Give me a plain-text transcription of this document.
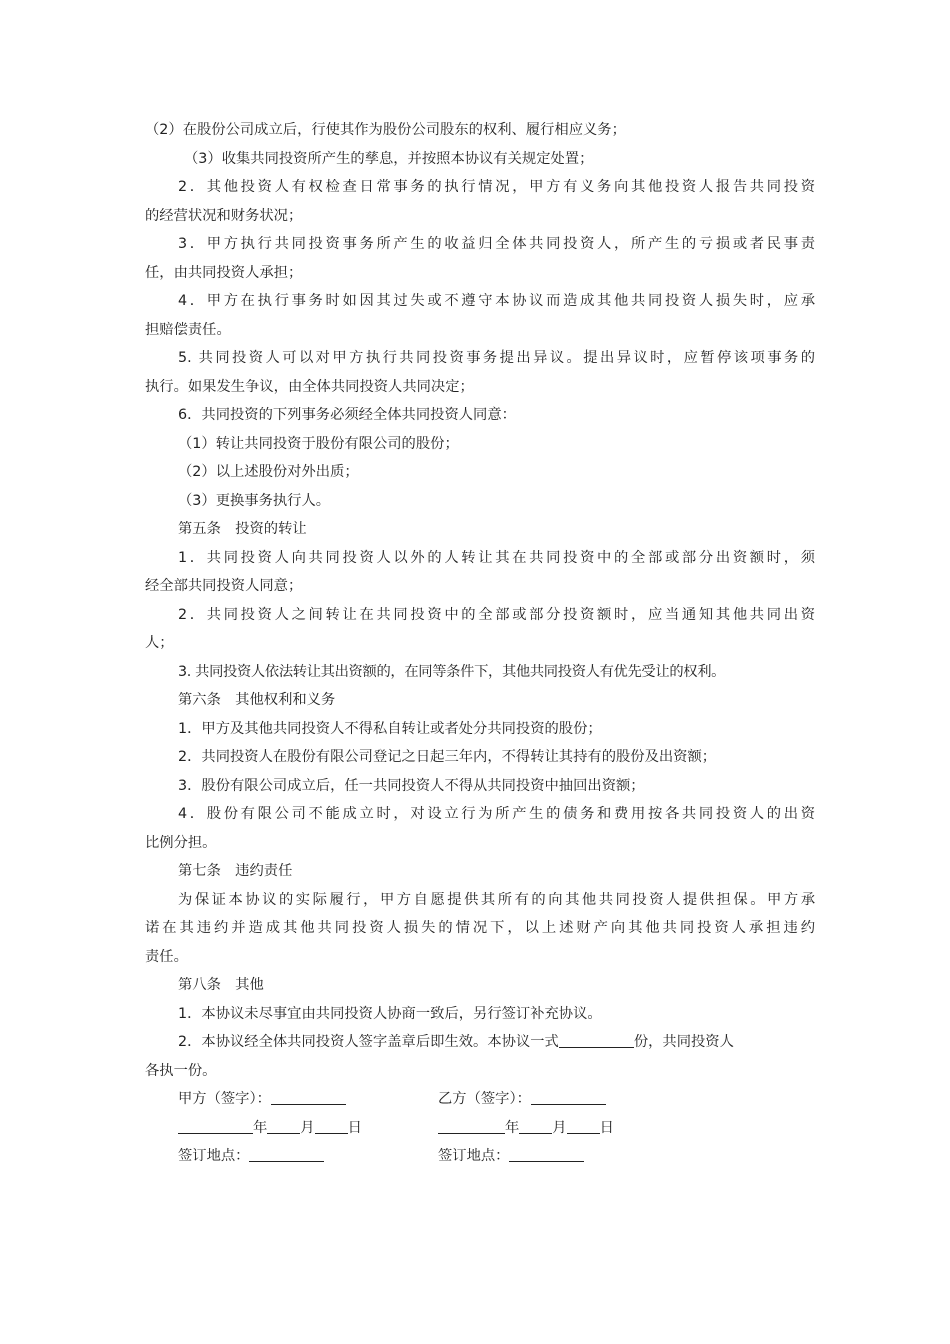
（2）在股份公司成立后，行使其作为股份公司股东的权利、履行相应义务；
（3）收集共同投资所产生的孳息，并按照本协议有关规定处置；
2．其他投资人有权检查日常事务的执行情况，甲方有义务向其他投资人报告共同投资
的经营状况和财务状况；
3．甲方执行共同投资事务所产生的收益归全体共同投资人，所产生的亏损或者民事责
任，由共同投资人承担；
4．甲方在执行事务时如因其过失或不遵守本协议而造成其他共同投资人损失时，应承
担赔偿责任。
5. 共同投资人可以对甲方执行共同投资事务提出异议。提出异议时，应暂停该项事务的
执行。如果发生争议，由全体共同投资人共同决定；
6．共同投资的下列事务必须经全体共同投资人同意：
（1）转让共同投资于股份有限公司的股份；
（2）以上述股份对外出质；
（3）更换事务执行人。
第五条　投资的转让
1．共同投资人向共同投资人以外的人转让其在共同投资中的全部或部分出资额时，须
经全部共同投资人同意；
2．共同投资人之间转让在共同投资中的全部或部分投资额时，应当通知其他共同出资
人；
3. 共同投资人依法转让其出资额的，在同等条件下，其他共同投资人有优先受让的权利。
第六条　其他权利和义务
1．甲方及其他共同投资人不得私自转让或者处分共同投资的股份；
2．共同投资人在股份有限公司登记之日起三年内，不得转让其持有的股份及出资额；
3．股份有限公司成立后，任一共同投资人不得从共同投资中抽回出资额；
4．股份有限公司不能成立时，对设立行为所产生的债务和费用按各共同投资人的出资
比例分担。
第七条　违约责任
为保证本协议的实际履行，甲方自愿提供其所有的向其他共同投资人提供担保。甲方承
诺在其违约并造成其他共同投资人损失的情况下，以上述财产向其他共同投资人承担违约
责任。
第八条　其他
1．本协议未尽事宜由共同投资人协商一致后，另行签订补充协议。
2．本协议经全体共同投资人签字盖章后即生效。本协议一式	份，共同投资人
各执一份。
甲方（签字）：	乙方（签字）：
年 月 日	年 月 日
签订地点：	签订地点：
